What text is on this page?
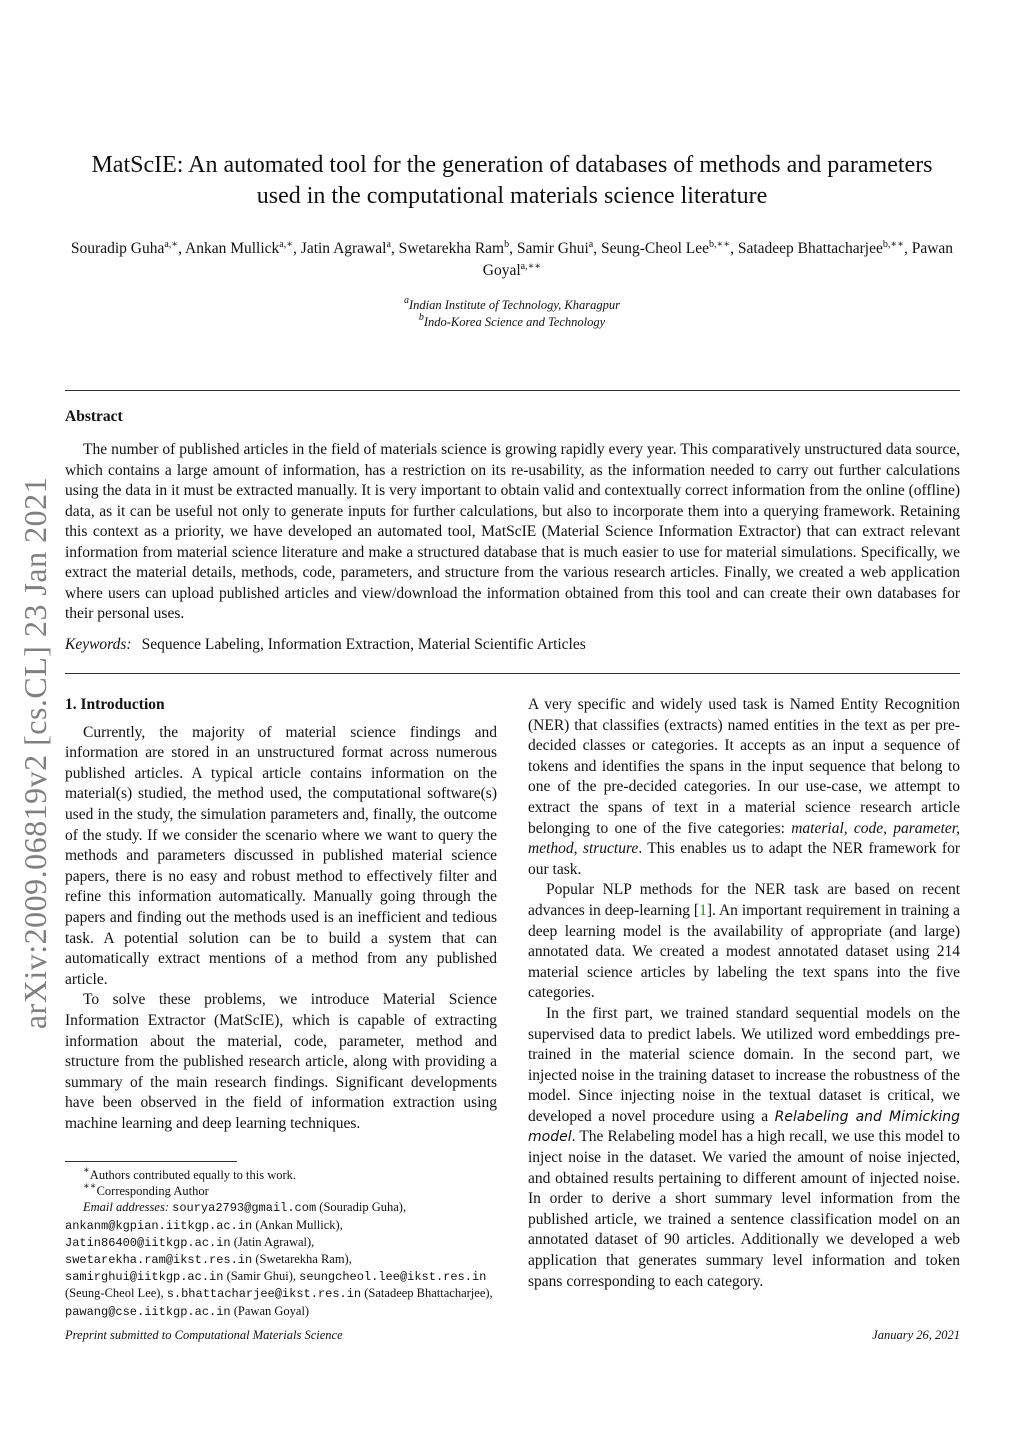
arXiv:2009.06819v2 [cs.CL] 23 Jan 2021
MatScIE: An automated tool for the generation of databases of methods and parameters
used in the computational materials science literature
Souradip Guha$^{a,∗}$, Ankan Mullick$^{a,∗}$, Jatin Agrawal$^a$, Swetarekha Ram$^b$, Samir Ghui$^a$, Seung-Cheol Lee$^{b,∗∗}$, Satadeep Bhattacharjee$^{b,∗∗}$, Pawan Goyal$^{a,∗∗}$
$^a$Indian Institute of Technology, Kharagpur
$^b$Indo-Korea Science and Technology
Abstract
The number of published articles in the field of materials science is growing rapidly every year. This comparatively unstructured data source, which contains a large amount of information, has a restriction on its re-usability, as the information needed to carry out further calculations using the data in it must be extracted manually. It is very important to obtain valid and contextually correct information from the online (offline) data, as it can be useful not only to generate inputs for further calculations, but also to incorporate them into a querying framework. Retaining this context as a priority, we have developed an automated tool, MatScIE (Material Science Information Extractor) that can extract relevant information from material science literature and make a structured database that is much easier to use for material simulations. Specifically, we extract the material details, methods, code, parameters, and structure from the various research articles. Finally, we created a web application where users can upload published articles and view/download the information obtained from this tool and can create their own databases for their personal uses.
Keywords: Sequence Labeling, Information Extraction, Material Scientific Articles
1. Introduction

Currently, the majority of material science findings and information are stored in an unstructured format across numerous published articles. A typical article contains information on the material(s) studied, the method used, the computational software(s) used in the study, the simulation parameters and, finally, the outcome of the study. If we consider the scenario where we want to query the methods and parameters discussed in published material science papers, there is no easy and robust method to effectively filter and refine this information automatically. Manually going through the papers and finding out the methods used is an inefficient and tedious task. A potential solution can be to build a system that can automatically extract mentions of a method from any published article.

To solve these problems, we introduce Material Science Information Extractor (MatScIE), which is capable of extracting information about the material, code, parameter, method and structure from the published research article, along with providing a summary of the main research findings. Significant developments have been observed in the field of information extraction using machine learning and deep learning techniques.

A very specific and widely used task is Named Entity Recognition (NER) that classifies (extracts) named entities in the text as per pre-decided classes or categories. It accepts as an input a sequence of tokens and identifies the spans in the input sequence that belong to one of the pre-decided categories. In our use-case, we attempt to extract the spans of text in a material science research article belonging to one of the five categories: material, code, parameter, method, structure. This enables us to adapt the NER framework for our task.

Popular NLP methods for the NER task are based on recent advances in deep-learning [1]. An important requirement in training a deep learning model is the availability of appropriate (and large) annotated data. We created a modest annotated dataset using 214 material science articles by labeling the text spans into the five categories.

In the first part, we trained standard sequential models on the supervised data to predict labels. We utilized word embeddings pre-trained in the material science domain. In the second part, we injected noise in the training dataset to increase the robustness of the model. Since injecting noise in the textual dataset is critical, we developed a novel procedure using a Relabeling and Mimicking model. The Relabeling model has a high recall, we use this model to inject noise in the dataset. We varied the amount of noise injected, and obtained results pertaining to different amount of injected noise. In order to derive a short summary level information from the published article, we trained a sentence classification model on an annotated dataset of 90 articles. Additionally we developed a web application that generates summary level information and token spans corresponding to each category.

∗Authors contributed equally to this work.
∗∗Corresponding Author
Email addresses: sourya2793@gmail.com (Souradip Guha),
ankanm@kgpian.iitkgp.ac.in (Ankan Mullick),
Jatin86400@iitkgp.ac.in (Jatin Agrawal),
swetarekha.ram@ikst.res.in (Swetarekha Ram),
samirghui@iitkgp.ac.in (Samir Ghui), seungcheol.lee@ikst.res.in
(Seung-Cheol Lee), s.bhattacharjee@ikst.res.in (Satadeep Bhattacharjee), pawang@cse.iitkgp.ac.in (Pawan Goyal)
Preprint submitted to Computational Materials Science	January 26, 2021
